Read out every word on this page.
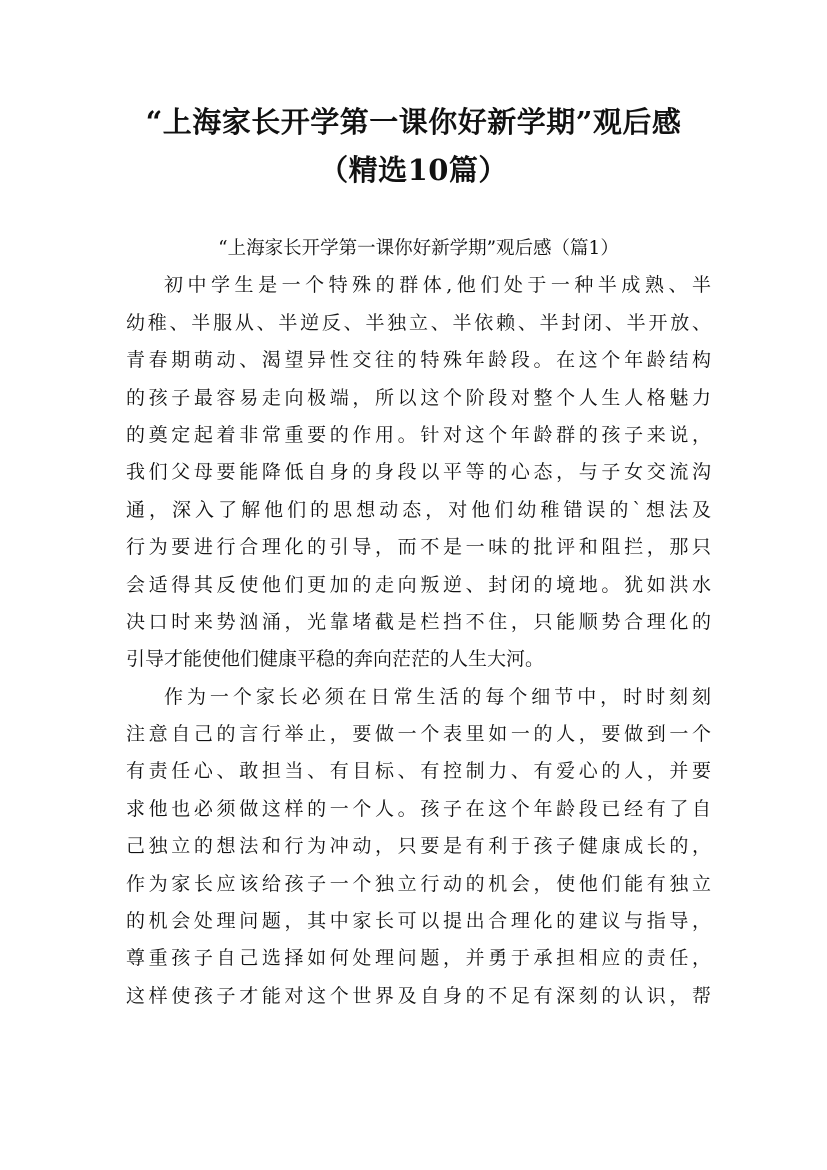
“上海家长开学第一课你好新学期”观后感
（精选10篇）
“上海家长开学第一课你好新学期”观后感（篇1）
初中学生是一个特殊的群体,他们处于一种半成熟、半
幼稚、半服从、半逆反、半独立、半依赖、半封闭、半开放、
青春期萌动、渴望异性交往的特殊年龄段。在这个年龄结构
的孩子最容易走向极端，所以这个阶段对整个人生人格魅力
的奠定起着非常重要的作用。针对这个年龄群的孩子来说，
我们父母要能降低自身的身段以平等的心态，与子女交流沟
通，深入了解他们的思想动态，对他们幼稚错误的`想法及
行为要进行合理化的引导，而不是一味的批评和阻拦，那只
会适得其反使他们更加的走向叛逆、封闭的境地。犹如洪水
决口时来势汹涌，光靠堵截是栏挡不住，只能顺势合理化的
引导才能使他们健康平稳的奔向茫茫的人生大河。
作为一个家长必须在日常生活的每个细节中，时时刻刻
注意自己的言行举止，要做一个表里如一的人，要做到一个
有责任心、敢担当、有目标、有控制力、有爱心的人，并要
求他也必须做这样的一个人。孩子在这个年龄段已经有了自
己独立的想法和行为冲动，只要是有利于孩子健康成长的，
作为家长应该给孩子一个独立行动的机会，使他们能有独立
的机会处理问题，其中家长可以提出合理化的建议与指导，
尊重孩子自己选择如何处理问题，并勇于承担相应的责任，
这样使孩子才能对这个世界及自身的不足有深刻的认识，帮
